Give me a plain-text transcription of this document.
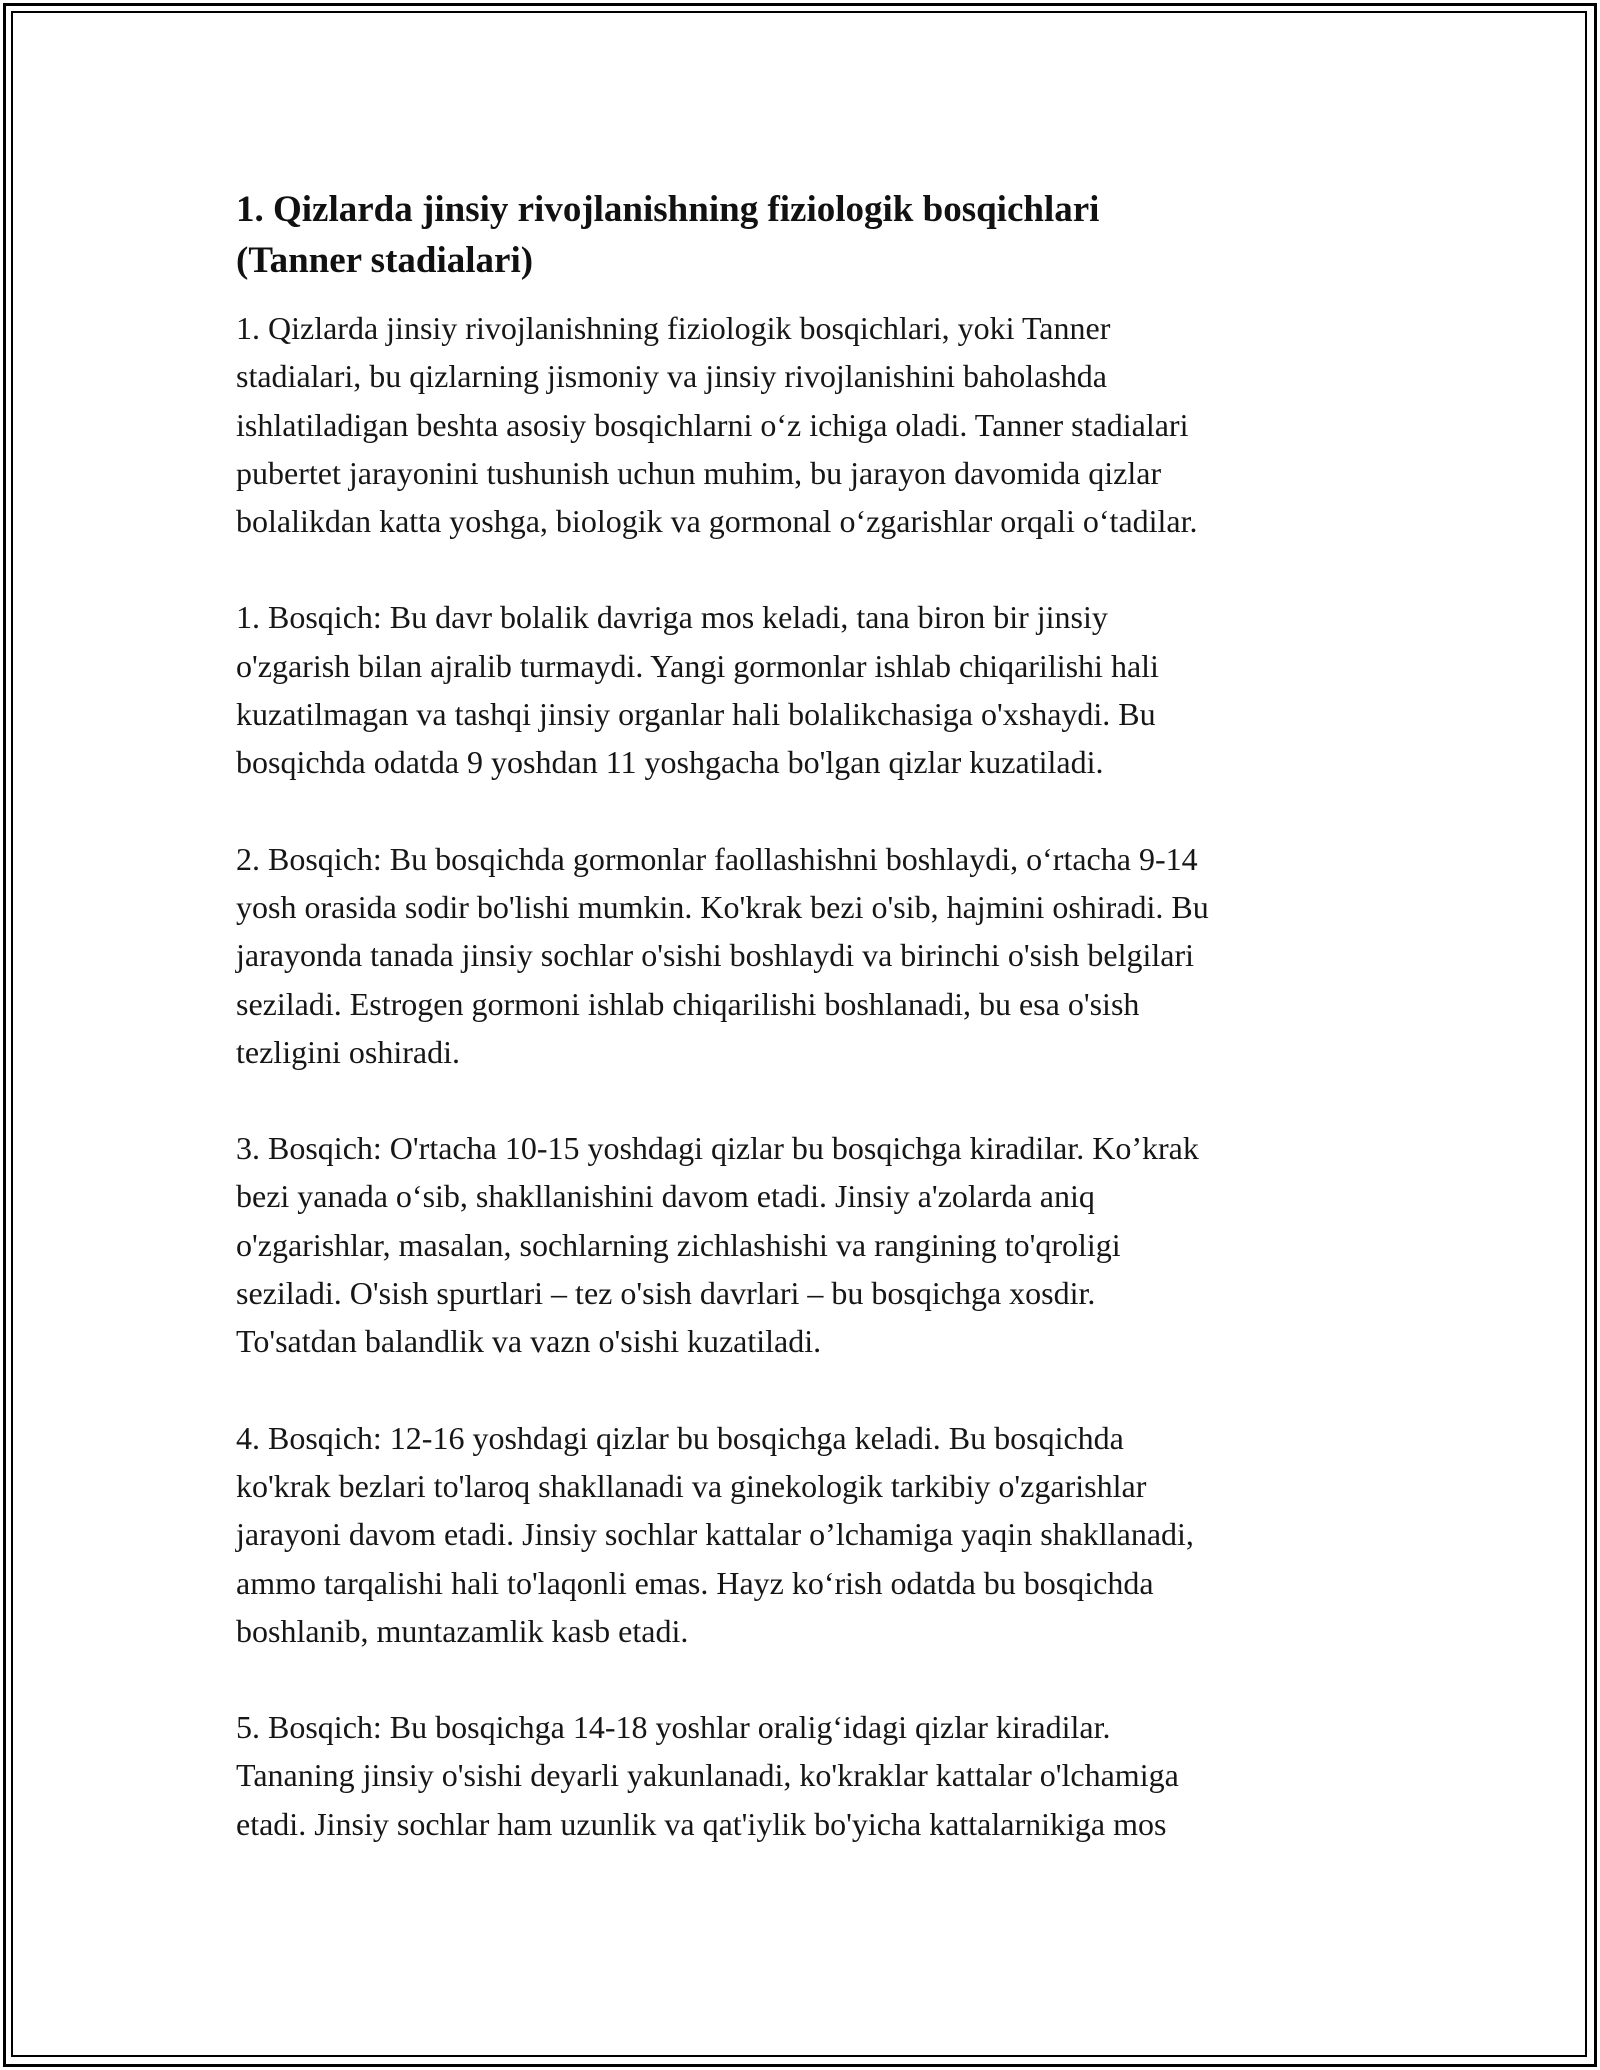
1. Qizlarda jinsiy rivojlanishning fiziologik bosqichlari
(Tanner stadialari)

1. Qizlarda jinsiy rivojlanishning fiziologik bosqichlari, yoki Tanner
stadialari, bu qizlarning jismoniy va jinsiy rivojlanishini baholashda
ishlatiladigan beshta asosiy bosqichlarni o‘z ichiga oladi. Tanner stadialari
pubertet jarayonini tushunish uchun muhim, bu jarayon davomida qizlar
bolalikdan katta yoshga, biologik va gormonal o‘zgarishlar orqali o‘tadilar.

1. Bosqich: Bu davr bolalik davriga mos keladi, tana biron bir jinsiy
o'zgarish bilan ajralib turmaydi. Yangi gormonlar ishlab chiqarilishi hali
kuzatilmagan va tashqi jinsiy organlar hali bolalikchasiga o'xshaydi. Bu
bosqichda odatda 9 yoshdan 11 yoshgacha bo'lgan qizlar kuzatiladi.

2. Bosqich: Bu bosqichda gormonlar faollashishni boshlaydi, o‘rtacha 9-14
yosh orasida sodir bo'lishi mumkin. Ko'krak bezi o'sib, hajmini oshiradi. Bu
jarayonda tanada jinsiy sochlar o'sishi boshlaydi va birinchi o'sish belgilari
seziladi. Estrogen gormoni ishlab chiqarilishi boshlanadi, bu esa o'sish
tezligini oshiradi.

3. Bosqich: O'rtacha 10-15 yoshdagi qizlar bu bosqichga kiradilar. Ko’krak
bezi yanada o‘sib, shakllanishini davom etadi. Jinsiy a'zolarda aniq
o'zgarishlar, masalan, sochlarning zichlashishi va rangining to'qroligi
seziladi. O'sish spurtlari – tez o'sish davrlari – bu bosqichga xosdir.
To'satdan balandlik va vazn o'sishi kuzatiladi.

4. Bosqich: 12-16 yoshdagi qizlar bu bosqichga keladi. Bu bosqichda
ko'krak bezlari to'laroq shakllanadi va ginekologik tarkibiy o'zgarishlar
jarayoni davom etadi. Jinsiy sochlar kattalar o’lchamiga yaqin shakllanadi,
ammo tarqalishi hali to'laqonli emas. Hayz ko‘rish odatda bu bosqichda
boshlanib, muntazamlik kasb etadi.

5. Bosqich: Bu bosqichga 14-18 yoshlar oralig‘idagi qizlar kiradilar.
Tananing jinsiy o'sishi deyarli yakunlanadi, ko'kraklar kattalar o'lchamiga
etadi. Jinsiy sochlar ham uzunlik va qat'iylik bo'yicha kattalarnikiga mos
